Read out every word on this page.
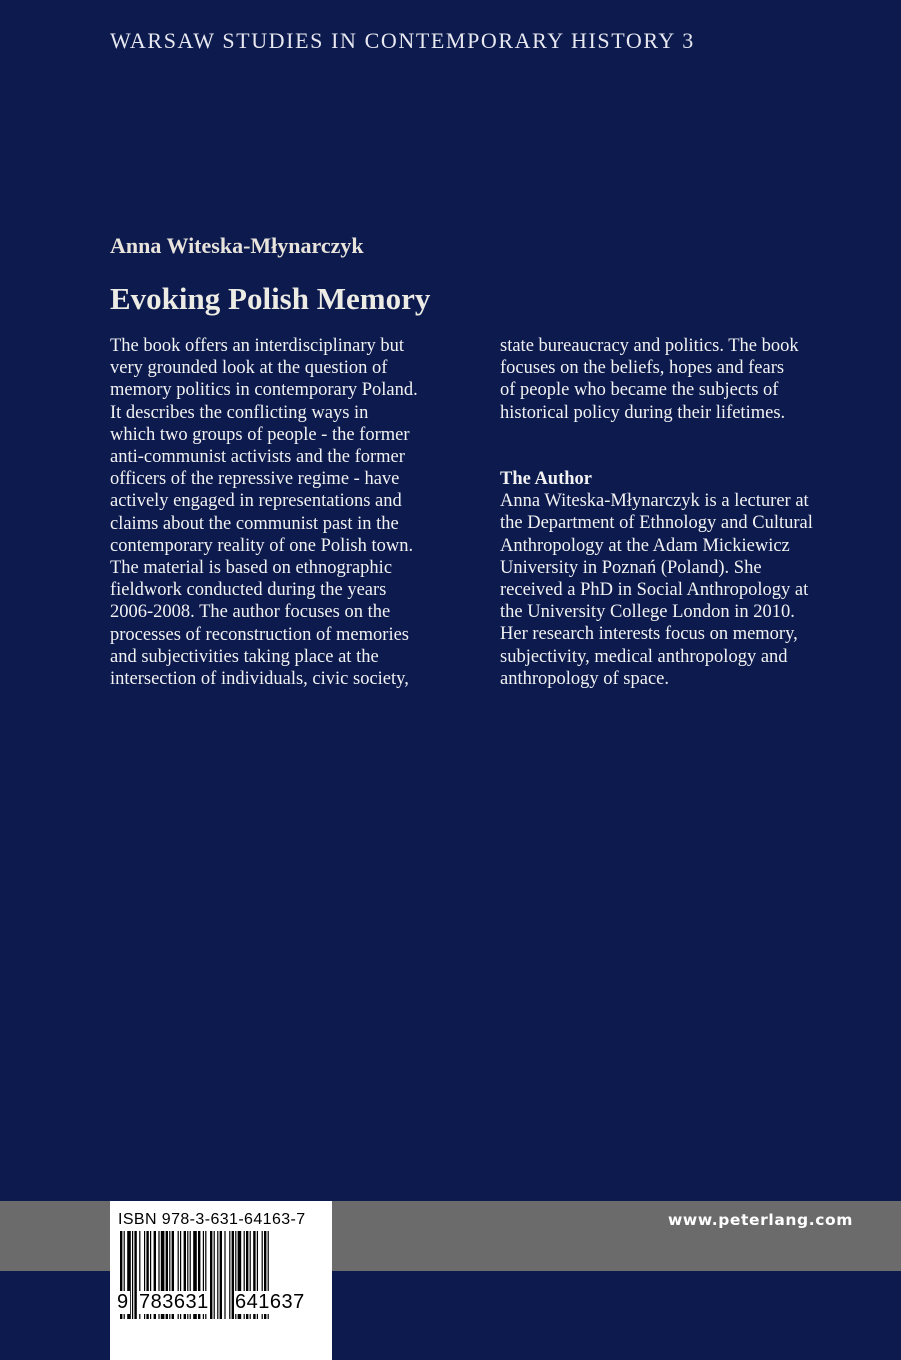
WARSAW STUDIES IN CONTEMPORARY HISTORY 3
Anna Witeska-Młynarczyk
Evoking Polish Memory
The book offers an interdisciplinary but
very grounded look at the question of
memory politics in contemporary Poland.
It describes the conflicting ways in
which two groups of people - the former
anti-communist activists and the former
officers of the repressive regime - have
actively engaged in representations and
claims about the communist past in the
contemporary reality of one Polish town.
The material is based on ethnographic
fieldwork conducted during the years
2006-2008. The author focuses on the
processes of reconstruction of memories
and subjectivities taking place at the
intersection of individuals, civic society,
state bureaucracy and politics. The book
focuses on the beliefs, hopes and fears
of people who became the subjects of
historical policy during their lifetimes.
The Author
Anna Witeska-Młynarczyk is a lecturer at
the Department of Ethnology and Cultural
Anthropology at the Adam Mickiewicz
University in Poznań (Poland). She
received a PhD in Social Anthropology at
the University College London in 2010.
Her research interests focus on memory,
subjectivity, medical anthropology and
anthropology of space.
www.peterlang.com
ISBN 978-3-631-64163-7
9 783631 641637
